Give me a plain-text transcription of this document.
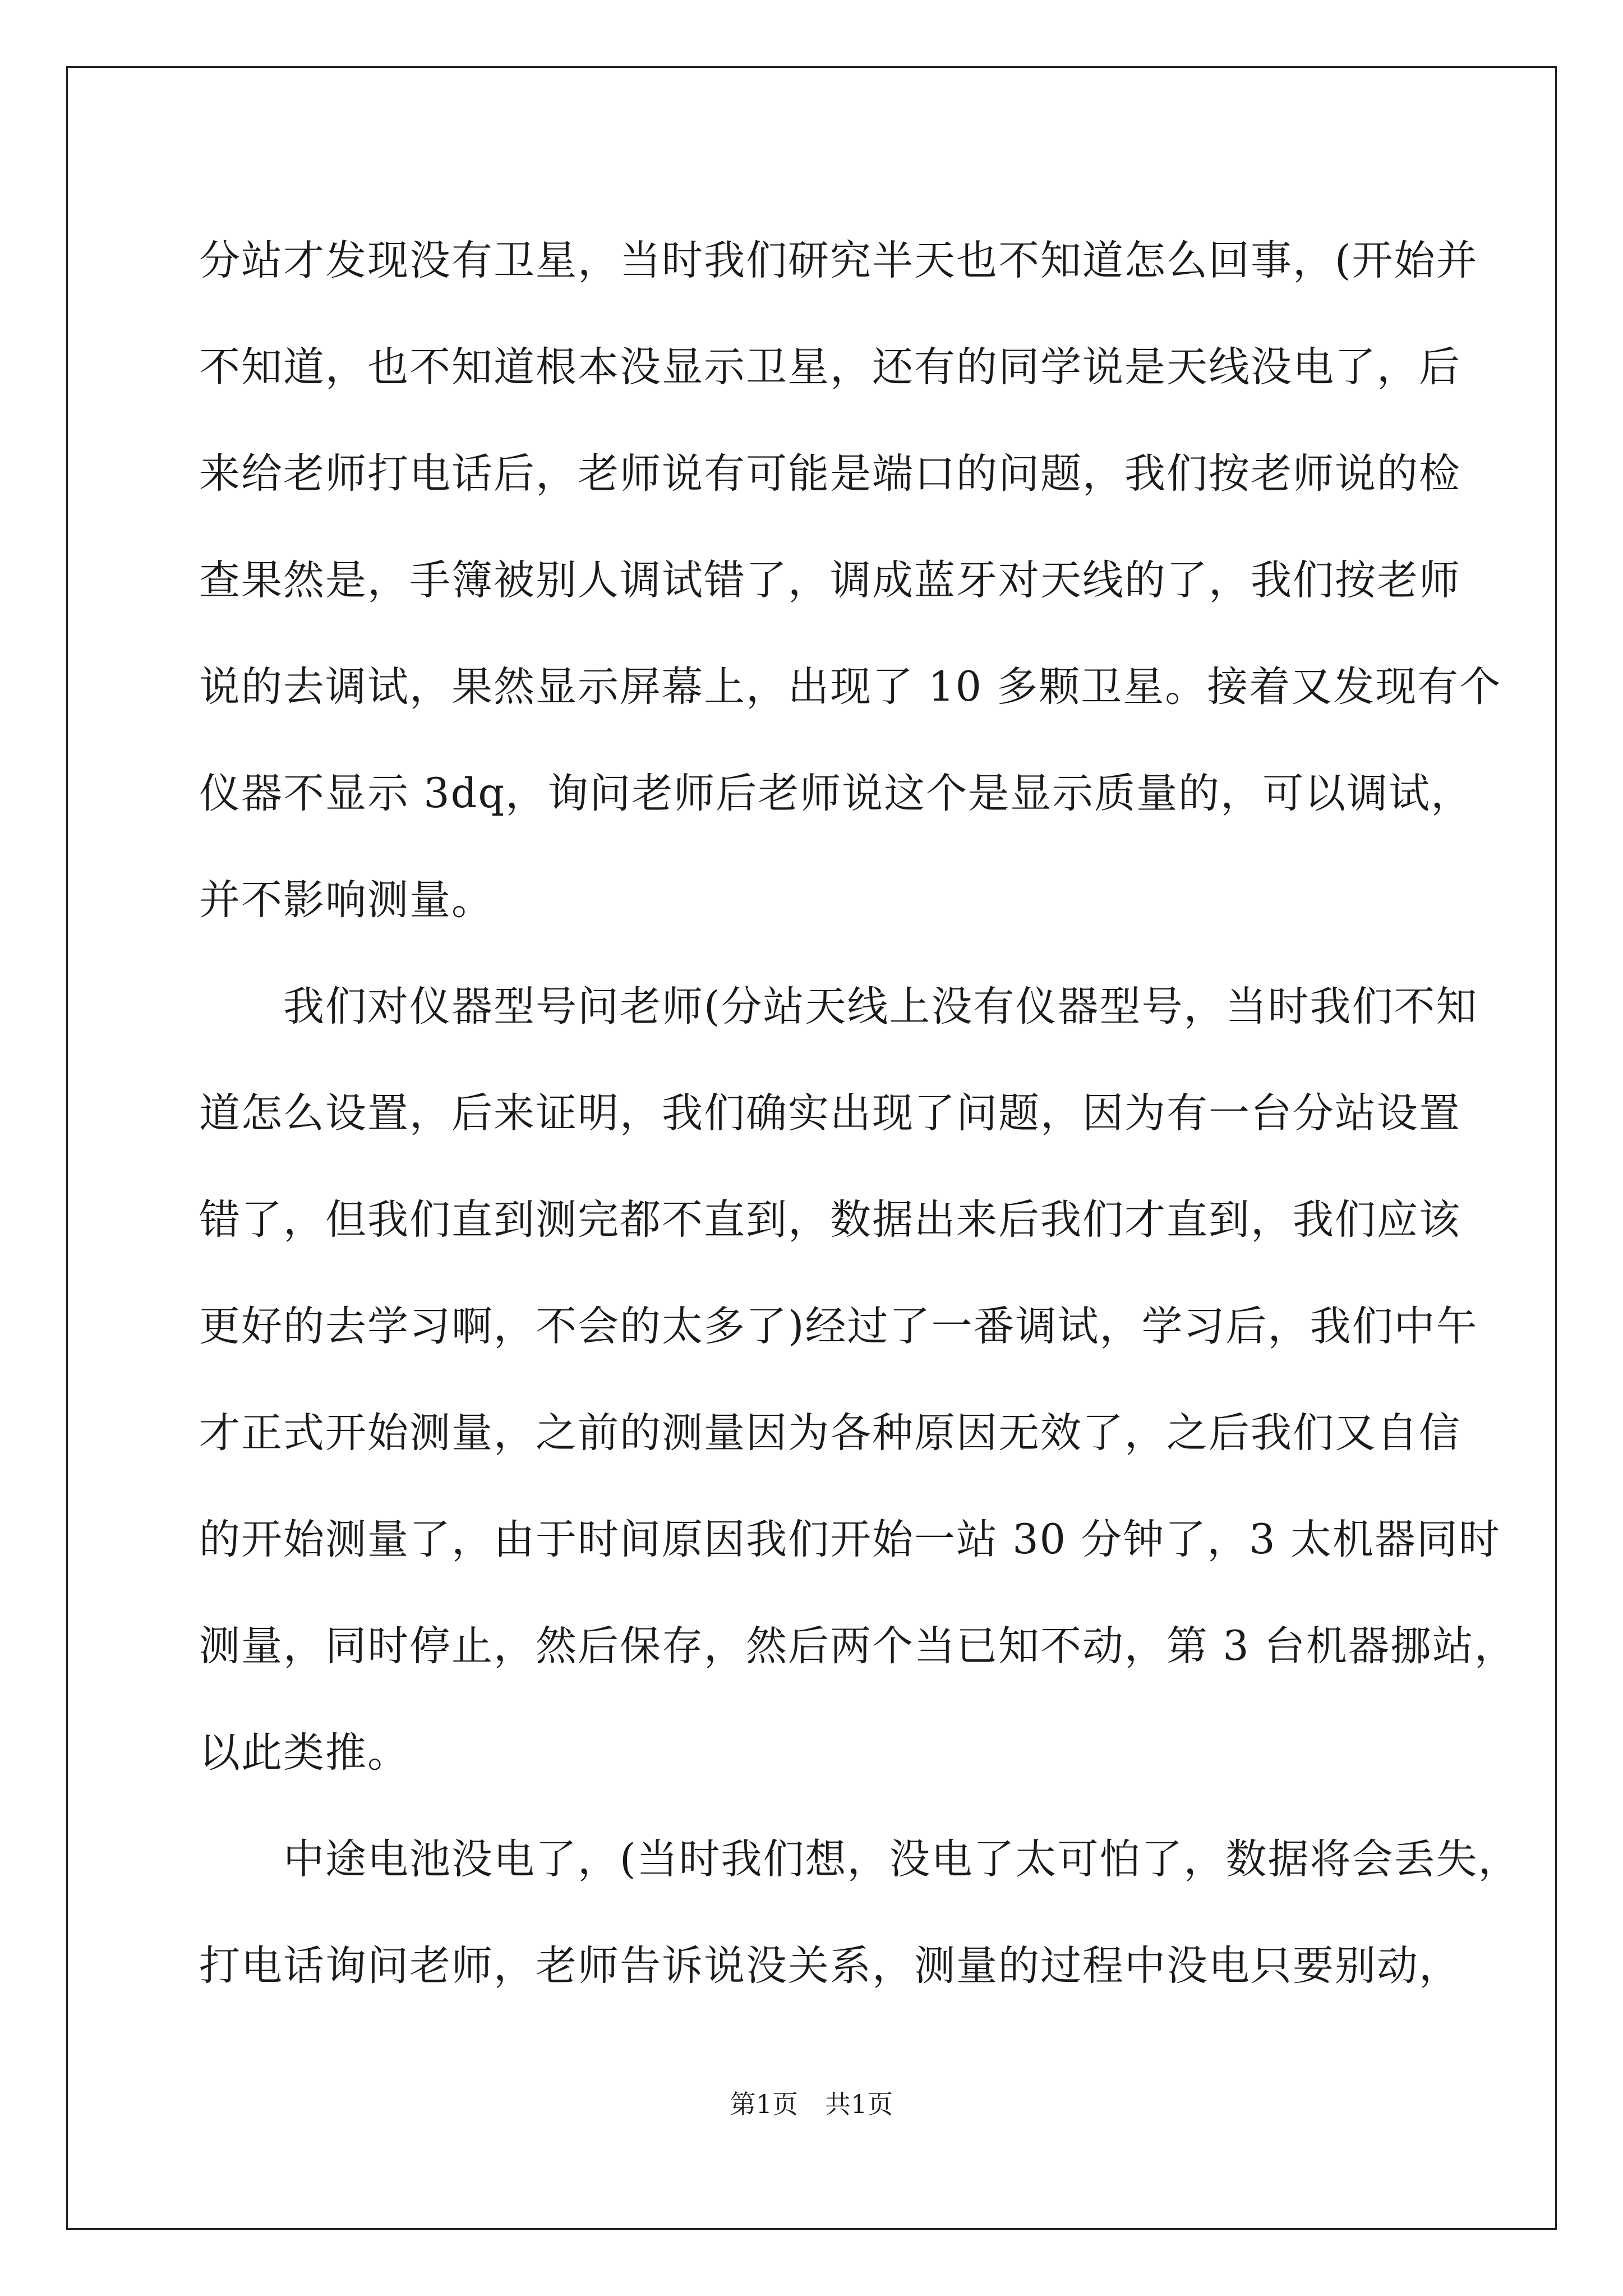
分站才发现没有卫星，当时我们研究半天也不知道怎么回事，(开始并
不知道，也不知道根本没显示卫星，还有的同学说是天线没电了，后
来给老师打电话后，老师说有可能是端口的问题，我们按老师说的检
查果然是，手簿被别人调试错了，调成蓝牙对天线的了，我们按老师
说的去调试，果然显示屏幕上，出现了 10 多颗卫星。接着又发现有个
仪器不显示 3dq，询问老师后老师说这个是显示质量的，可以调试，
并不影响测量。
　　我们对仪器型号问老师(分站天线上没有仪器型号，当时我们不知
道怎么设置，后来证明，我们确实出现了问题，因为有一台分站设置
错了，但我们直到测完都不直到，数据出来后我们才直到，我们应该
更好的去学习啊，不会的太多了)经过了一番调试，学习后，我们中午
才正式开始测量，之前的测量因为各种原因无效了，之后我们又自信
的开始测量了，由于时间原因我们开始一站 30 分钟了，3 太机器同时
测量，同时停止，然后保存，然后两个当已知不动，第 3 台机器挪站，
以此类推。
　　中途电池没电了，(当时我们想，没电了太可怕了，数据将会丢失，
打电话询问老师，老师告诉说没关系，测量的过程中没电只要别动，
第1页 共1页
